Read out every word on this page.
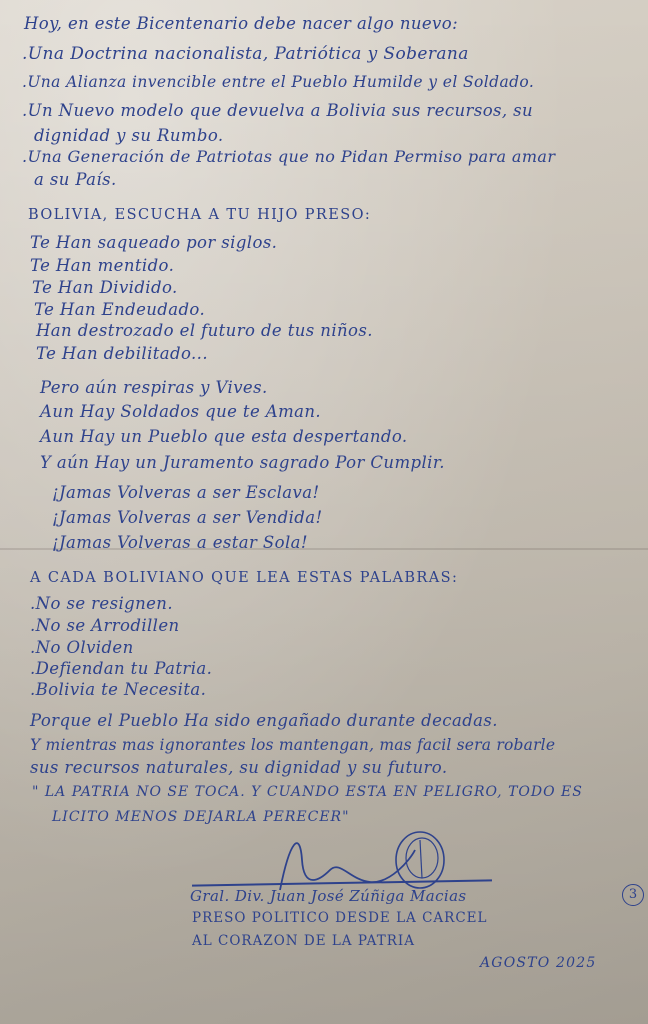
Hoy, en este Bicentenario debe nacer algo nuevo:
.Una Doctrina nacionalista, Patriótica y Soberana
.Una Alianza invencible entre el Pueblo Humilde y el Soldado.
.Un Nuevo modelo que devuelva a Bolivia sus recursos, su
dignidad y su Rumbo.
.Una Generación de Patriotas que no Pidan Permiso para amar
a su País.
BOLIVIA, ESCUCHA A TU HIJO PRESO:
Te Han saqueado por siglos.
Te Han mentido.
Te Han Dividido.
Te Han Endeudado.
Han destrozado el futuro de tus niños.
Te Han debilitado...
Pero aún respiras y Vives.
Aun Hay Soldados que te Aman.
Aun Hay un Pueblo que esta despertando.
Y aún Hay un Juramento sagrado Por Cumplir.
¡Jamas Volveras a ser Esclava!
¡Jamas Volveras a ser Vendida!
¡Jamas Volveras a estar Sola!
A CADA BOLIVIANO QUE LEA ESTAS PALABRAS:
.No se resignen.
.No se Arrodillen
.No Olviden
.Defiendan tu Patria.
.Bolivia te Necesita.
Porque el Pueblo Ha sido engañado durante decadas.
Y mientras mas ignorantes los mantengan, mas facil sera robarle
sus recursos naturales, su dignidad y su futuro.
" LA PATRIA NO SE TOCA. Y CUANDO ESTA EN PELIGRO, TODO ES
LICITO MENOS DEJARLA PERECER"
Gral. Div. Juan José Zúñiga Macias
PRESO POLITICO DESDE LA CARCEL
AL CORAZON DE LA PATRIA
AGOSTO 2025
3
